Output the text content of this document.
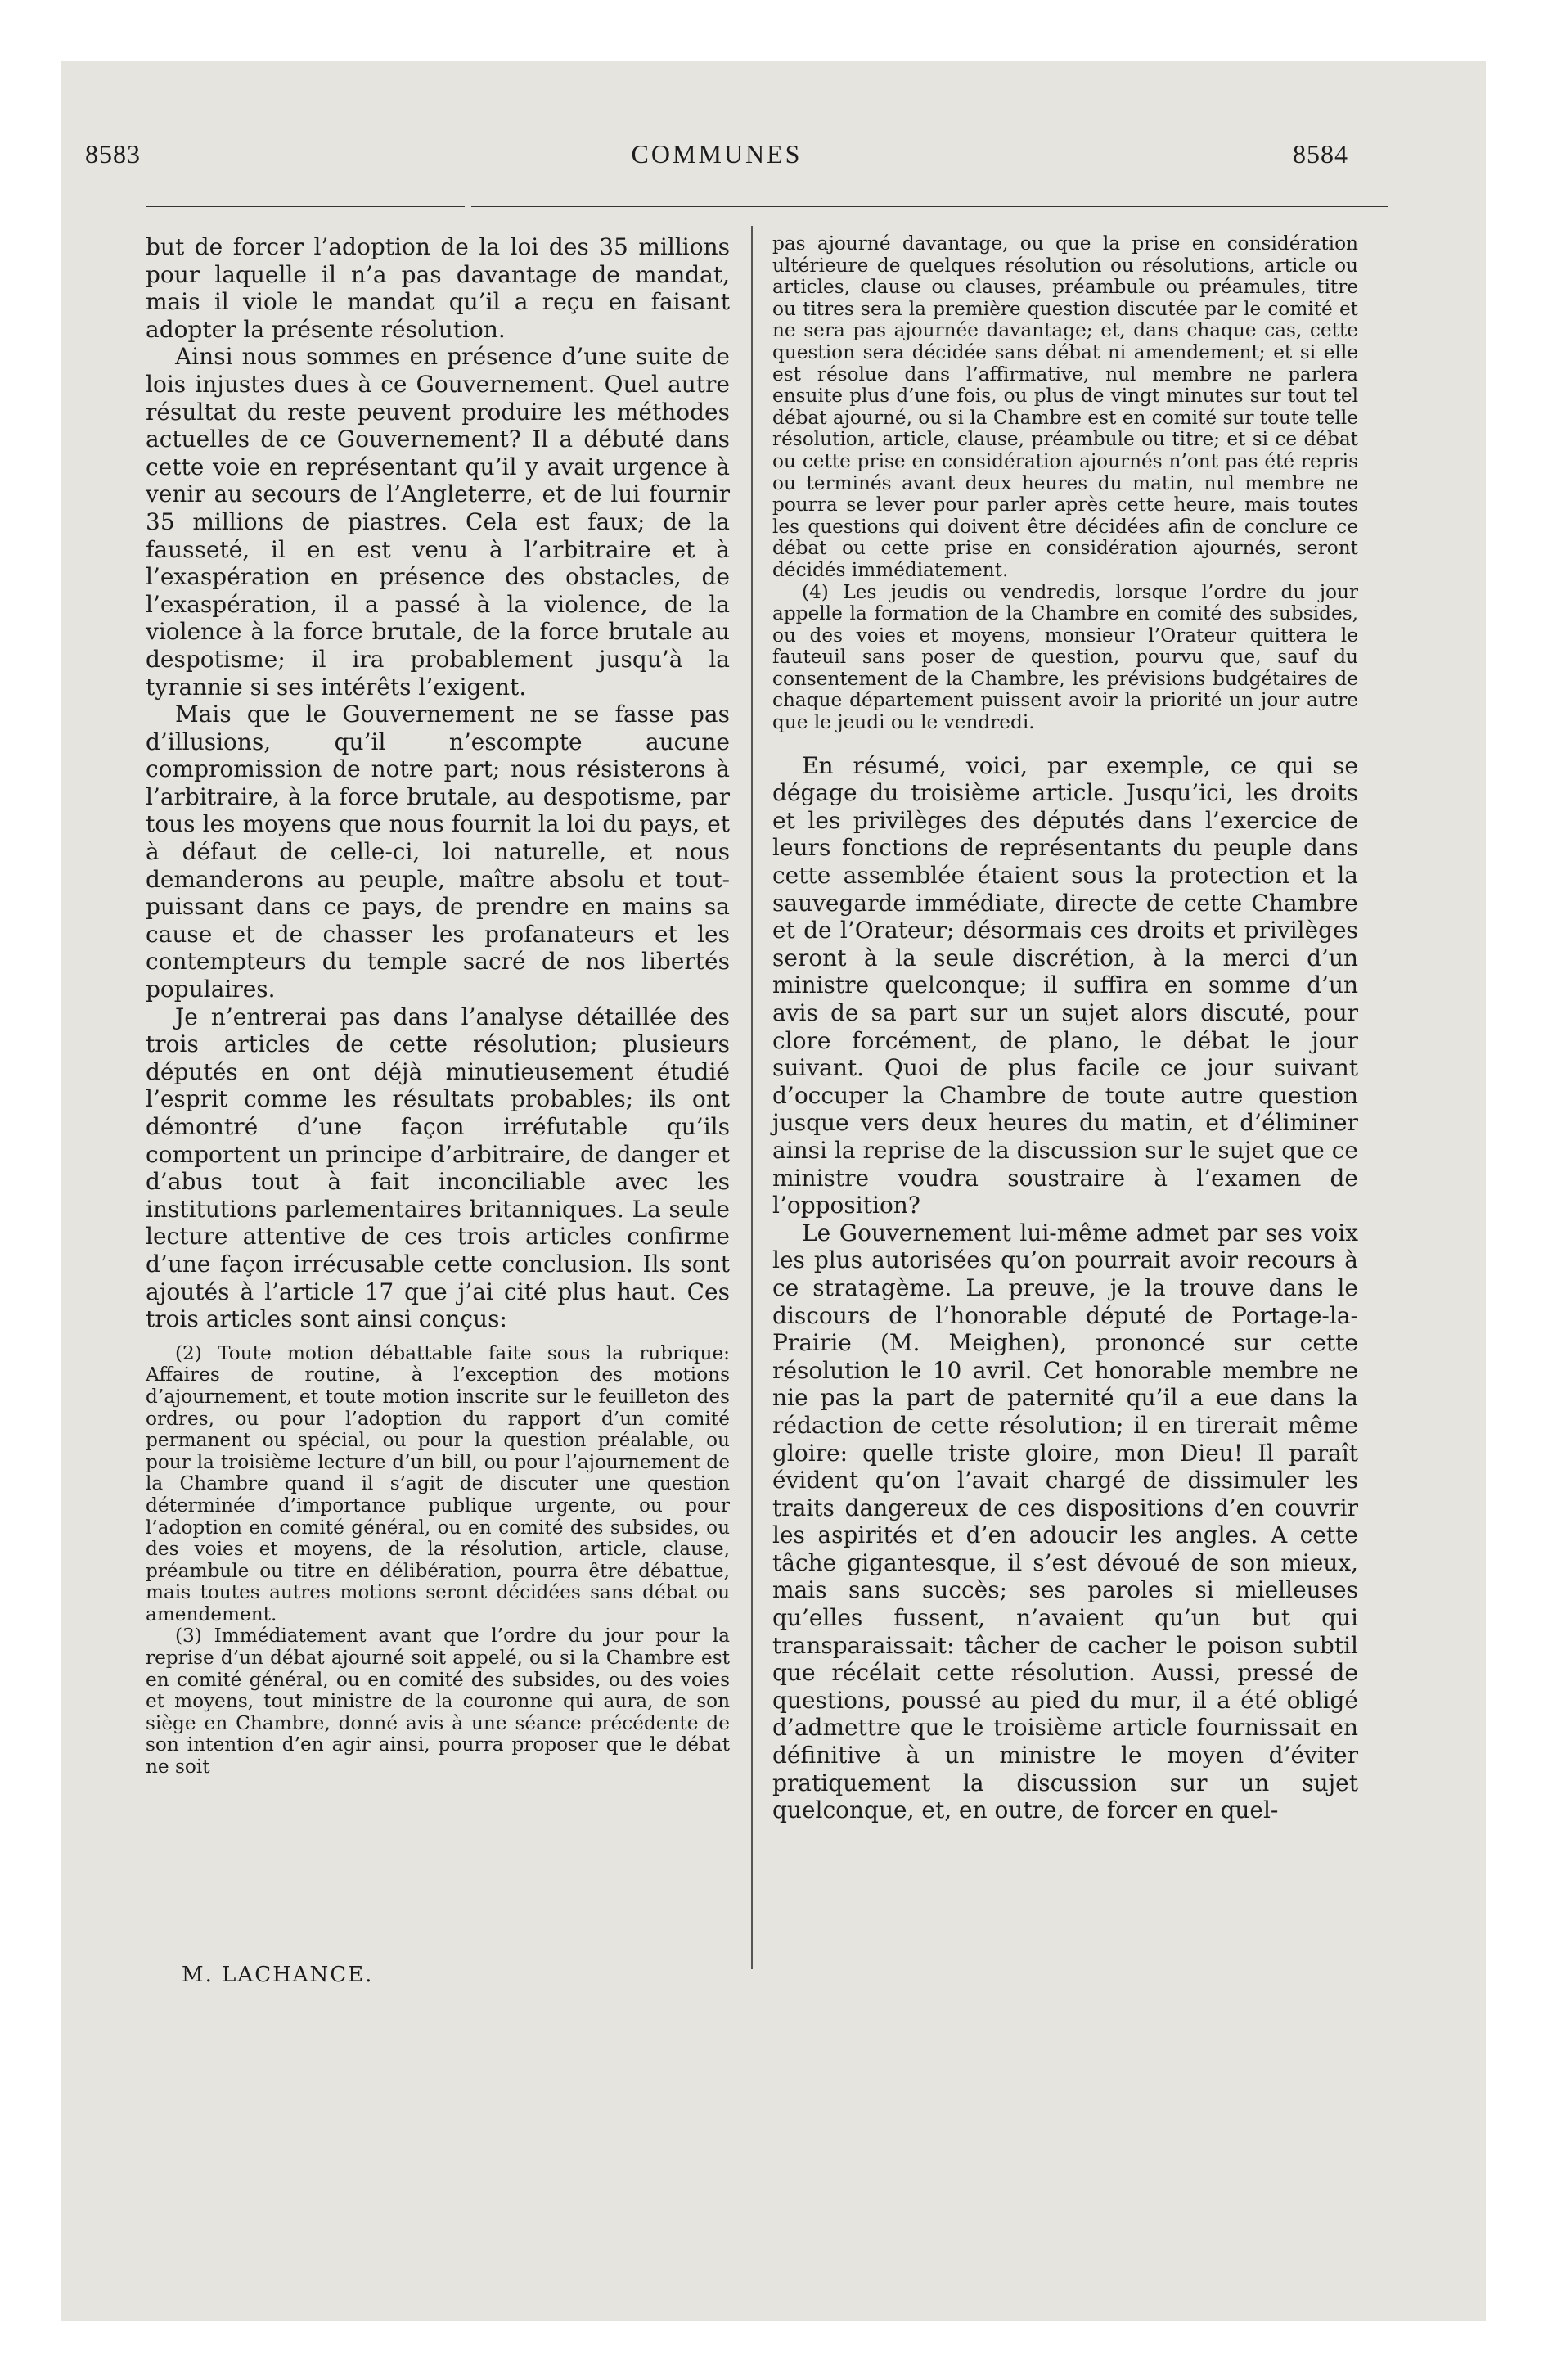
8583	COMMUNES	8584

but de forcer l’adoption de la loi des 35 millions pour laquelle il n’a pas davantage de mandat, mais il viole le mandat qu’il a reçu en faisant adopter la présente résolution.

Ainsi nous sommes en présence d’une suite de lois injustes dues à ce Gouvernement. Quel autre résultat du reste peuvent produire les méthodes actuelles de ce Gouvernement? Il a débuté dans cette voie en représentant qu’il y avait urgence à venir au secours de l’Angleterre, et de lui fournir 35 millions de piastres. Cela est faux; de la fausseté, il en est venu à l’arbitraire et à l’exaspération en présence des obstacles, de l’exaspération, il a passé à la violence, de la violence à la force brutale, de la force brutale au despotisme; il ira probablement jusqu’à la tyrannie si ses intérêts l’exigent.

Mais que le Gouvernement ne se fasse pas d’illusions, qu’il n’escompte aucune compromission de notre part; nous résisterons à l’arbitraire, à la force brutale, au despotisme, par tous les moyens que nous fournit la loi du pays, et à défaut de celle-ci, loi naturelle, et nous demanderons au peuple, maître absolu et tout-puissant dans ce pays, de prendre en mains sa cause et de chasser les profanateurs et les contempteurs du temple sacré de nos libertés populaires.

Je n’entrerai pas dans l’analyse détaillée des trois articles de cette résolution; plusieurs députés en ont déjà minutieusement étudié l’esprit comme les résultats probables; ils ont démontré d’une façon irréfutable qu’ils comportent un principe d’arbitraire, de danger et d’abus tout à fait inconciliable avec les institutions parlementaires britanniques. La seule lecture attentive de ces trois articles confirme d’une façon irrécusable cette conclusion. Ils sont ajoutés à l’article 17 que j’ai cité plus haut. Ces trois articles sont ainsi conçus:

(2) Toute motion débattable faite sous la rubrique: Affaires de routine, à l’exception des motions d’ajournement, et toute motion inscrite sur le feuilleton des ordres, ou pour l’adoption du rapport d’un comité permanent ou spécial, ou pour la question préalable, ou pour la troisième lecture d’un bill, ou pour l’ajournement de la Chambre quand il s’agit de discuter une question déterminée d’importance publique urgente, ou pour l’adoption en comité général, ou en comité des subsides, ou des voies et moyens, de la résolution, article, clause, préambule ou titre en délibération, pourra être débattue, mais toutes autres motions seront décidées sans débat ou amendement.

(3) Immédiatement avant que l’ordre du jour pour la reprise d’un débat ajourné soit appelé, ou si la Chambre est en comité général, ou en comité des subsides, ou des voies et moyens, tout ministre de la couronne qui aura, de son siège en Chambre, donné avis à une séance précédente de son intention d’en agir ainsi, pourra proposer que le débat ne soit

M. LACHANCE.

pas ajourné davantage, ou que la prise en considération ultérieure de quelques résolution ou résolutions, article ou articles, clause ou clauses, préambule ou préamules, titre ou titres sera la première question discutée par le comité et ne sera pas ajournée davantage; et, dans chaque cas, cette question sera décidée sans débat ni amendement; et si elle est résolue dans l’affirmative, nul membre ne parlera ensuite plus d’une fois, ou plus de vingt minutes sur tout tel débat ajourné, ou si la Chambre est en comité sur toute telle résolution, article, clause, préambule ou titre; et si ce débat ou cette prise en considération ajournés n’ont pas été repris ou terminés avant deux heures du matin, nul membre ne pourra se lever pour parler après cette heure, mais toutes les questions qui doivent être décidées afin de conclure ce débat ou cette prise en considération ajournés, seront décidés immédiatement.

(4) Les jeudis ou vendredis, lorsque l’ordre du jour appelle la formation de la Chambre en comité des subsides, ou des voies et moyens, monsieur l’Orateur quittera le fauteuil sans poser de question, pourvu que, sauf du consentement de la Chambre, les prévisions budgétaires de chaque département puissent avoir la priorité un jour autre que le jeudi ou le vendredi.

En résumé, voici, par exemple, ce qui se dégage du troisième article. Jusqu’ici, les droits et les privilèges des députés dans l’exercice de leurs fonctions de représentants du peuple dans cette assemblée étaient sous la protection et la sauvegarde immédiate, directe de cette Chambre et de l’Orateur; désormais ces droits et privilèges seront à la seule discrétion, à la merci d’un ministre quelconque; il suffira en somme d’un avis de sa part sur un sujet alors discuté, pour clore forcément, de plano, le débat le jour suivant. Quoi de plus facile ce jour suivant d’occuper la Chambre de toute autre question jusque vers deux heures du matin, et d’éliminer ainsi la reprise de la discussion sur le sujet que ce ministre voudra soustraire à l’examen de l’opposition?

Le Gouvernement lui-même admet par ses voix les plus autorisées qu’on pourrait avoir recours à ce stratagème. La preuve, je la trouve dans le discours de l’honorable député de Portage-la-Prairie (M. Meighen), prononcé sur cette résolution le 10 avril. Cet honorable membre ne nie pas la part de paternité qu’il a eue dans la rédaction de cette résolution; il en tirerait même gloire: quelle triste gloire, mon Dieu! Il paraît évident qu’on l’avait chargé de dissimuler les traits dangereux de ces dispositions d’en couvrir les aspirités et d’en adoucir les angles. A cette tâche gigantesque, il s’est dévoué de son mieux, mais sans succès; ses paroles si mielleuses qu’elles fussent, n’avaient qu’un but qui transparaissait: tâcher de cacher le poison subtil que récélait cette résolution. Aussi, pressé de questions, poussé au pied du mur, il a été obligé d’admettre que le troisième article fournissait en définitive à un ministre le moyen d’éviter pratiquement la discussion sur un sujet quelconque, et, en outre, de forcer en quel-
